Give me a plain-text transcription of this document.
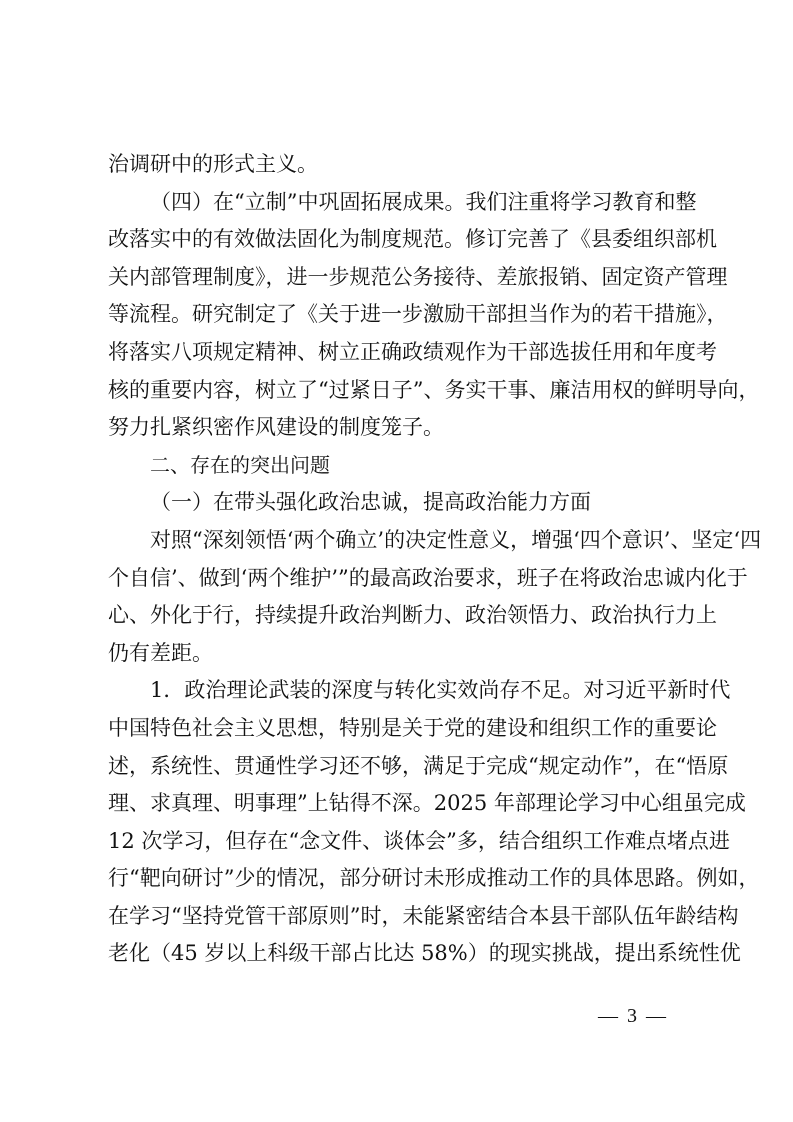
治调研中的形式主义。
（四）在“立制”中巩固拓展成果。我们注重将学习教育和整
改落实中的有效做法固化为制度规范。修订完善了《县委组织部机
关内部管理制度》，进一步规范公务接待、差旅报销、固定资产管理
等流程。研究制定了《关于进一步激励干部担当作为的若干措施》，
将落实八项规定精神、树立正确政绩观作为干部选拔任用和年度考
核的重要内容，树立了“过紧日子”、务实干事、廉洁用权的鲜明导向，
努力扎紧织密作风建设的制度笼子。
二、存在的突出问题
（一）在带头强化政治忠诚，提高政治能力方面
对照“深刻领悟‘两个确立’的决定性意义，增强‘四个意识’、坚定‘四
个自信’、做到‘两个维护’”的最高政治要求，班子在将政治忠诚内化于
心、外化于行，持续提升政治判断力、政治领悟力、政治执行力上
仍有差距。
1．政治理论武装的深度与转化实效尚存不足。对习近平新时代
中国特色社会主义思想，特别是关于党的建设和组织工作的重要论
述，系统性、贯通性学习还不够，满足于完成“规定动作”，在“悟原
理、求真理、明事理”上钻得不深。2025 年部理论学习中心组虽完成
12 次学习，但存在“念文件、谈体会”多，结合组织工作难点堵点进
行“靶向研讨”少的情况，部分研讨未形成推动工作的具体思路。例如，
在学习“坚持党管干部原则”时，未能紧密结合本县干部队伍年龄结构
老化（45 岁以上科级干部占比达 58%）的现实挑战，提出系统性优
— 3 —
